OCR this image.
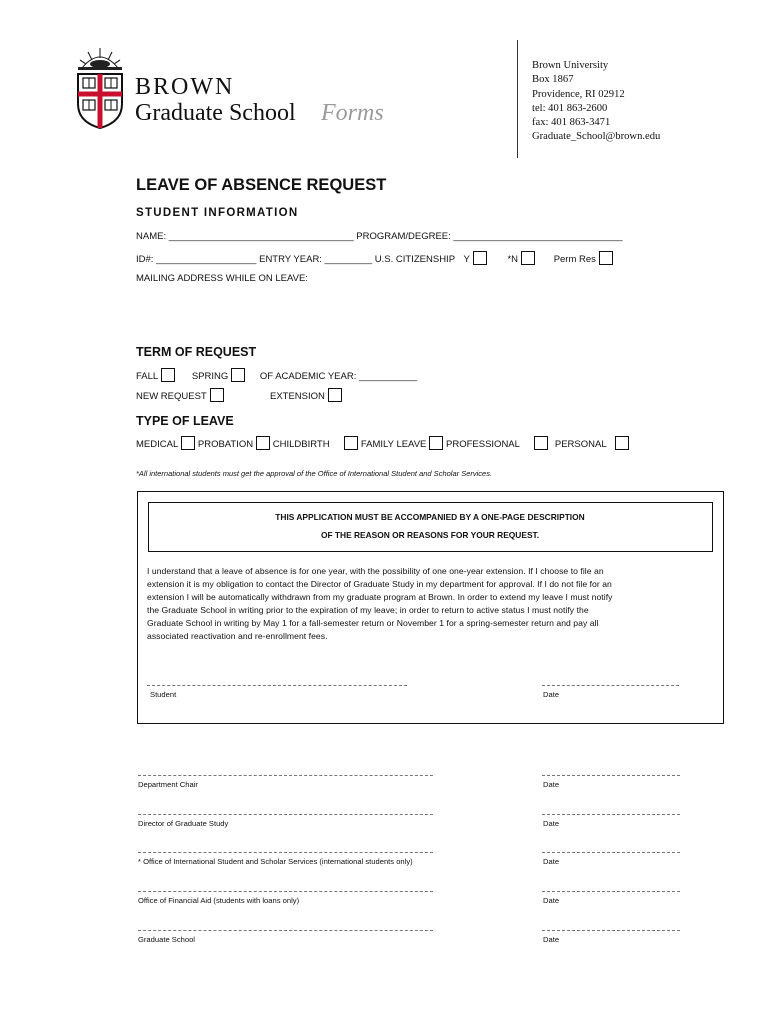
BROWN
Graduate School Forms
Brown University
Box 1867
Providence, RI 02912
tel: 401 863-2600
fax: 401 863-3471
Graduate_School@brown.edu
LEAVE OF ABSENCE REQUEST
STUDENT INFORMATION
NAME: ___________________________________ PROGRAM/DEGREE: ________________________________
ID#: ___________________ ENTRY YEAR: _________ U.S. CITIZENSHIP Y	*N	Perm Res
MAILING ADDRESS WHILE ON LEAVE:
TERM OF REQUEST
FALL	SPRING	OF ACADEMIC YEAR: ___________
NEW REQUEST	EXTENSION
TYPE OF LEAVE
MEDICAL PROBATION CHILDBIRTH	FAMILY LEAVE PROFESSIONAL	PERSONAL
*All international students must get the approval of the Office of International Student and Scholar Services.
THIS APPLICATION MUST BE ACCOMPANIED BY A ONE-PAGE DESCRIPTION
OF THE REASON OR REASONS FOR YOUR REQUEST.
I understand that a leave of absence is for one year, with the possibility of one one-year extension. If I choose to file an
extension it is my obligation to contact the Director of Graduate Study in my department for approval. If I do not file for an
extension I will be automatically withdrawn from my graduate program at Brown. In order to extend my leave I must notify
the Graduate School in writing prior to the expiration of my leave; in order to return to active status I must notify the
Graduate School in writing by May 1 for a fall-semester return or November 1 for a spring-semester return and pay all
associated reactivation and re-enrollment fees.
Student	Date
Department Chair	Date
Director of Graduate Study	Date
* Office of International Student and Scholar Services (international students only)	Date
Office of Financial Aid (students with loans only)	Date
Graduate School	Date
